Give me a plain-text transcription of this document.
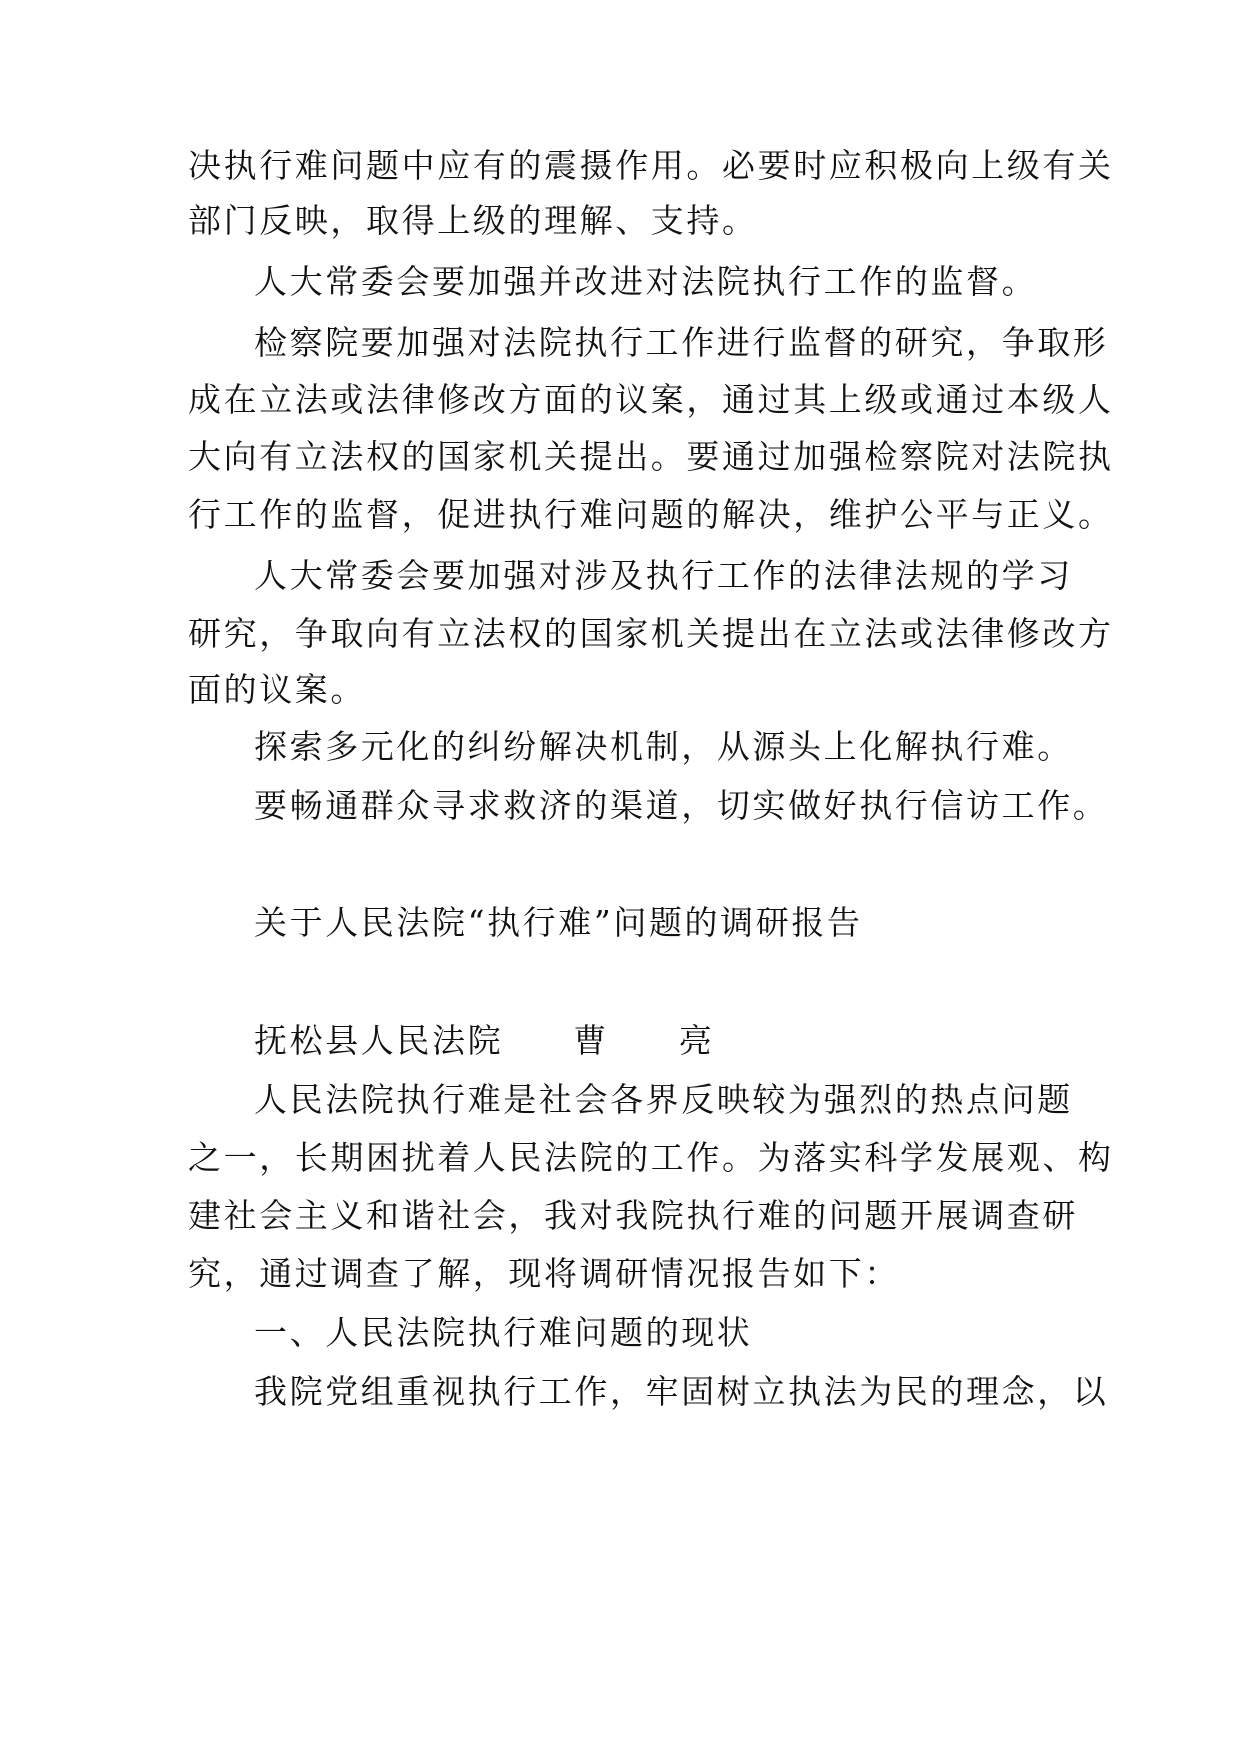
决执行难问题中应有的震摄作用。必要时应积极向上级有关
部门反映，取得上级的理解、支持。
人大常委会要加强并改进对法院执行工作的监督。
检察院要加强对法院执行工作进行监督的研究，争取形
成在立法或法律修改方面的议案，通过其上级或通过本级人
大向有立法权的国家机关提出。要通过加强检察院对法院执
行工作的监督，促进执行难问题的解决，维护公平与正义。
人大常委会要加强对涉及执行工作的法律法规的学习
研究，争取向有立法权的国家机关提出在立法或法律修改方
面的议案。
探索多元化的纠纷解决机制，从源头上化解执行难。
要畅通群众寻求救济的渠道，切实做好执行信访工作。
关于人民法院“执行难”问题的调研报告
抚松县人民法院 曹 亮
人民法院执行难是社会各界反映较为强烈的热点问题
之一，长期困扰着人民法院的工作。为落实科学发展观、构
建社会主义和谐社会，我对我院执行难的问题开展调查研
究，通过调查了解，现将调研情况报告如下：
一、人民法院执行难问题的现状
我院党组重视执行工作，牢固树立执法为民的理念，以
